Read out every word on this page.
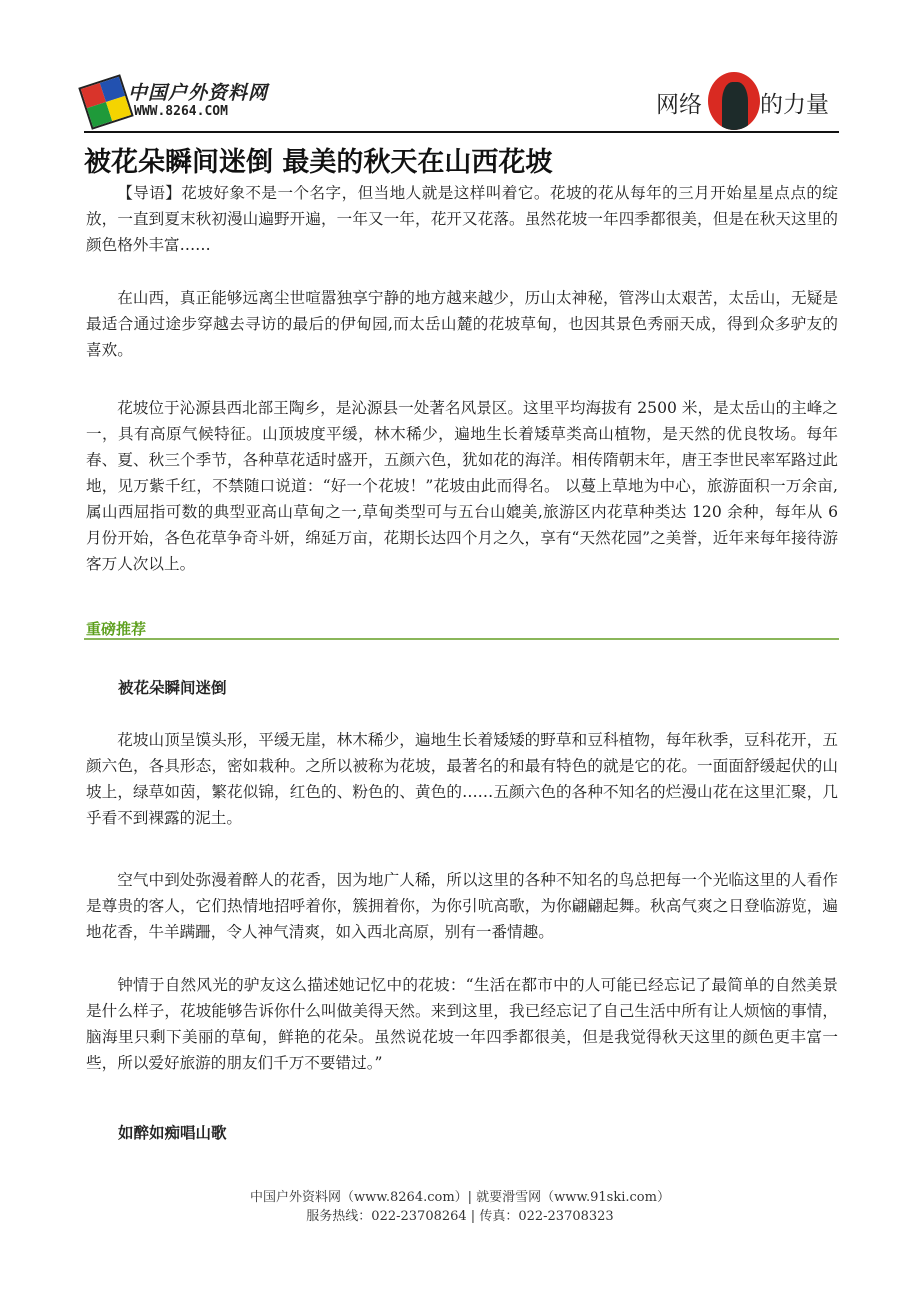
中国户外资料网
WWW.8264.COM	网络	的力量
被花朵瞬间迷倒 最美的秋天在山西花坡
【导语】花坡好象不是一个名字，但当地人就是这样叫着它。花坡的花从每年的三月开始星星点点的绽放，一直到夏末秋初漫山遍野开遍，一年又一年，花开又花落。虽然花坡一年四季都很美，但是在秋天这里的颜色格外丰富……
在山西，真正能够远离尘世喧嚣独享宁静的地方越来越少，历山太神秘，管涔山太艰苦，太岳山，无疑是最适合通过途步穿越去寻访的最后的伊甸园,而太岳山麓的花坡草甸，也因其景色秀丽天成，得到众多驴友的喜欢。
花坡位于沁源县西北部王陶乡，是沁源县一处著名风景区。这里平均海拔有 2500 米，是太岳山的主峰之一，具有高原气候特征。山顶坡度平缓，林木稀少，遍地生长着矮草类高山植物，是天然的优良牧场。每年春、夏、秋三个季节，各种草花适时盛开，五颜六色，犹如花的海洋。相传隋朝末年，唐王李世民率军路过此地，见万紫千红，不禁随口说道：“好一个花坡！”花坡由此而得名。 以蔓上草地为中心，旅游面积一万余亩,属山西屈指可数的典型亚高山草甸之一,草甸类型可与五台山媲美,旅游区内花草种类达 120 余种，每年从 6 月份开始，各色花草争奇斗妍，绵延万亩，花期长达四个月之久，享有“天然花园”之美誉，近年来每年接待游客万人次以上。
重磅推荐
被花朵瞬间迷倒
花坡山顶呈馍头形，平缓无崖，林木稀少，遍地生长着矮矮的野草和豆科植物，每年秋季，豆科花开，五颜六色，各具形态，密如栽种。之所以被称为花坡，最著名的和最有特色的就是它的花。一面面舒缓起伏的山坡上，绿草如茵，繁花似锦，红色的、粉色的、黄色的……五颜六色的各种不知名的烂漫山花在这里汇聚，几乎看不到裸露的泥土。
空气中到处弥漫着醉人的花香，因为地广人稀，所以这里的各种不知名的鸟总把每一个光临这里的人看作是尊贵的客人，它们热情地招呼着你，簇拥着你，为你引吭高歌，为你翩翩起舞。秋高气爽之日登临游览，遍地花香，牛羊蹒跚，令人神气清爽，如入西北高原，别有一番情趣。
钟情于自然风光的驴友这么描述她记忆中的花坡：“生活在都市中的人可能已经忘记了最简单的自然美景是什么样子，花坡能够告诉你什么叫做美得天然。来到这里，我已经忘记了自己生活中所有让人烦恼的事情，脑海里只剩下美丽的草甸，鲜艳的花朵。虽然说花坡一年四季都很美，但是我觉得秋天这里的颜色更丰富一些，所以爱好旅游的朋友们千万不要错过。”
如醉如痴唱山歌
中国户外资料网（www.8264.com）| 就要滑雪网（www.91ski.com）
服务热线：022-23708264 | 传真：022-23708323
